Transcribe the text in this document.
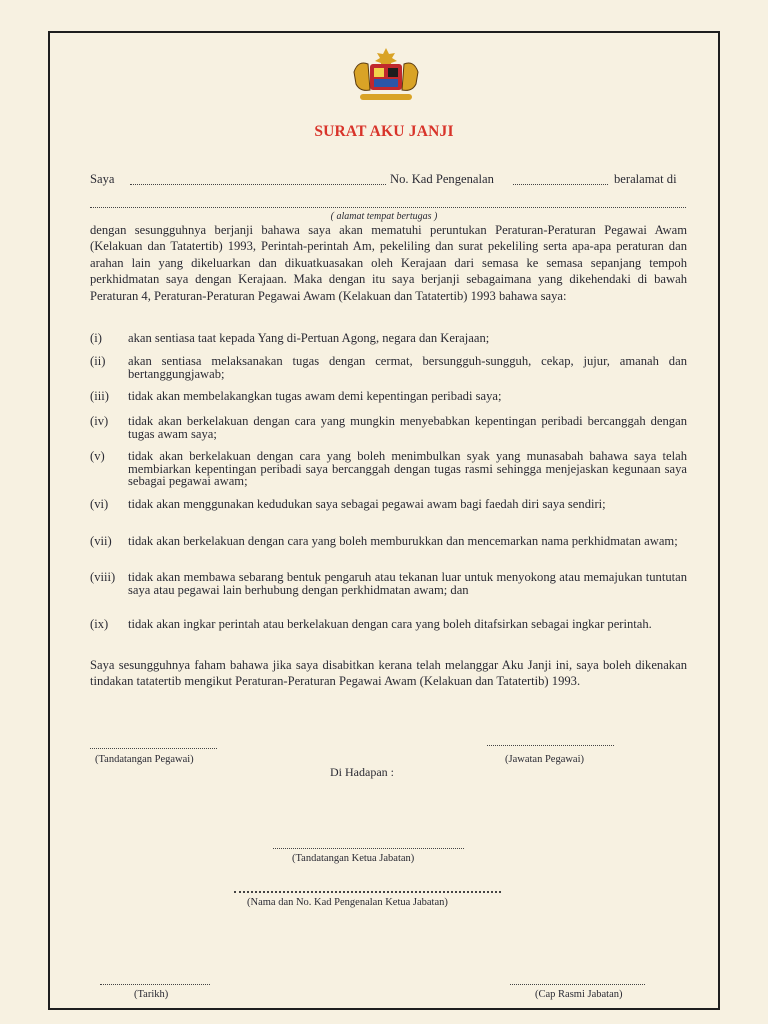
SURAT AKU JANJI
Saya	No. Kad Pengenalan	beralamat di
( alamat tempat bertugas )
dengan sesungguhnya berjanji bahawa saya akan mematuhi peruntukan Peraturan-Peraturan Pegawai Awam (Kelakuan dan Tatatertib) 1993, Perintah-perintah Am, pekeliling dan surat pekeliling serta apa-apa peraturan dan arahan lain yang dikeluarkan dan dikuatkuasakan oleh Kerajaan dari semasa ke semasa sepanjang tempoh perkhidmatan saya dengan Kerajaan. Maka dengan itu saya berjanji sebagaimana yang dikehendaki di bawah Peraturan 4, Peraturan-Peraturan Pegawai Awam (Kelakuan dan Tatatertib) 1993 bahawa saya:
(i) akan sentiasa taat kepada Yang di-Pertuan Agong, negara dan Kerajaan;
(ii) akan sentiasa melaksanakan tugas dengan cermat, bersungguh-sungguh, cekap, jujur, amanah dan bertanggungjawab;
(iii) tidak akan membelakangkan tugas awam demi kepentingan peribadi saya;
(iv) tidak akan berkelakuan dengan cara yang mungkin menyebabkan kepentingan peribadi bercanggah dengan tugas awam saya;
(v) tidak akan berkelakuan dengan cara yang boleh menimbulkan syak yang munasabah bahawa saya telah membiarkan kepentingan peribadi saya bercanggah dengan tugas rasmi sehingga menjejaskan kegunaan saya sebagai pegawai awam;
(vi) tidak akan menggunakan kedudukan saya sebagai pegawai awam bagi faedah diri saya sendiri;
(vii) tidak akan berkelakuan dengan cara yang boleh memburukkan dan mencemarkan nama perkhidmatan awam;
(viii) tidak akan membawa sebarang bentuk pengaruh atau tekanan luar untuk menyokong atau memajukan tuntutan saya atau pegawai lain berhubung dengan perkhidmatan awam; dan
(ix) tidak akan ingkar perintah atau berkelakuan dengan cara yang boleh ditafsirkan sebagai ingkar perintah.
Saya sesungguhnya faham bahawa jika saya disabitkan kerana telah melanggar Aku Janji ini, saya boleh dikenakan tindakan tatatertib mengikut Peraturan-Peraturan Pegawai Awam (Kelakuan dan Tatatertib) 1993.
(Tandatangan Pegawai)
Di Hadapan :
(Jawatan Pegawai)
(Tandatangan Ketua Jabatan)
(Nama dan No. Kad Pengenalan Ketua Jabatan)
(Tarikh)	(Cap Rasmi Jabatan)
